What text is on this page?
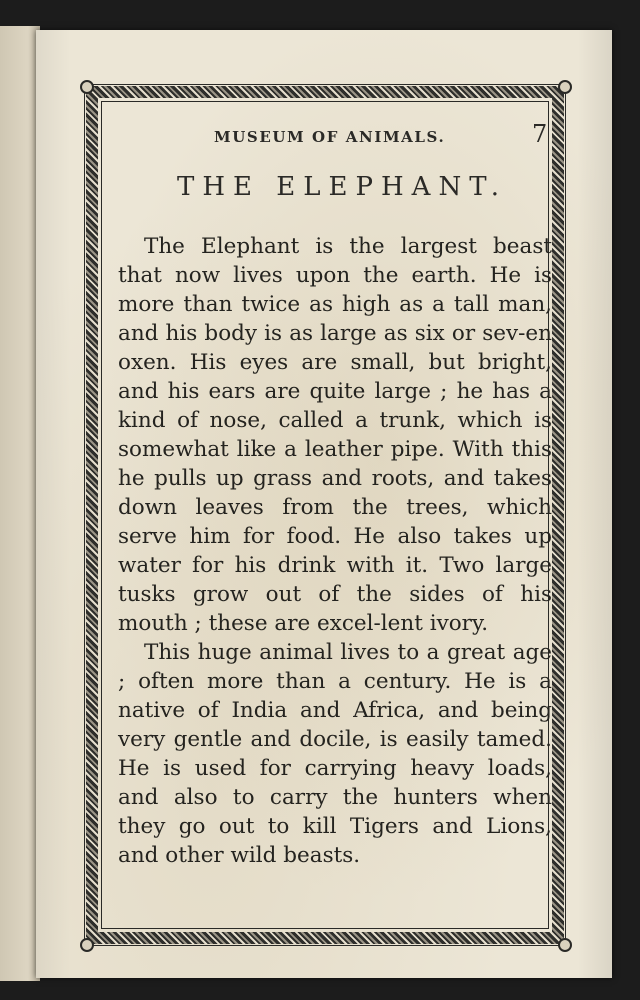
MUSEUM OF ANIMALS.	7
THE ELEPHANT.

The Elephant is the largest beast that now lives upon the earth. He is more than twice as high as a tall man, and his body is as large as six or sev-en oxen. His eyes are small, but bright, and his ears are quite large ; he has a kind of nose, called a trunk, which is somewhat like a leather pipe. With this he pulls up grass and roots, and takes down leaves from the trees, which serve him for food. He also takes up water for his drink with it. Two large tusks grow out of the sides of his mouth ; these are excel-lent ivory.

This huge animal lives to a great age ; often more than a century. He is a native of India and Africa, and being very gentle and docile, is easily tamed. He is used for carrying heavy loads, and also to carry the hunters when they go out to kill Tigers and Lions, and other wild beasts.
